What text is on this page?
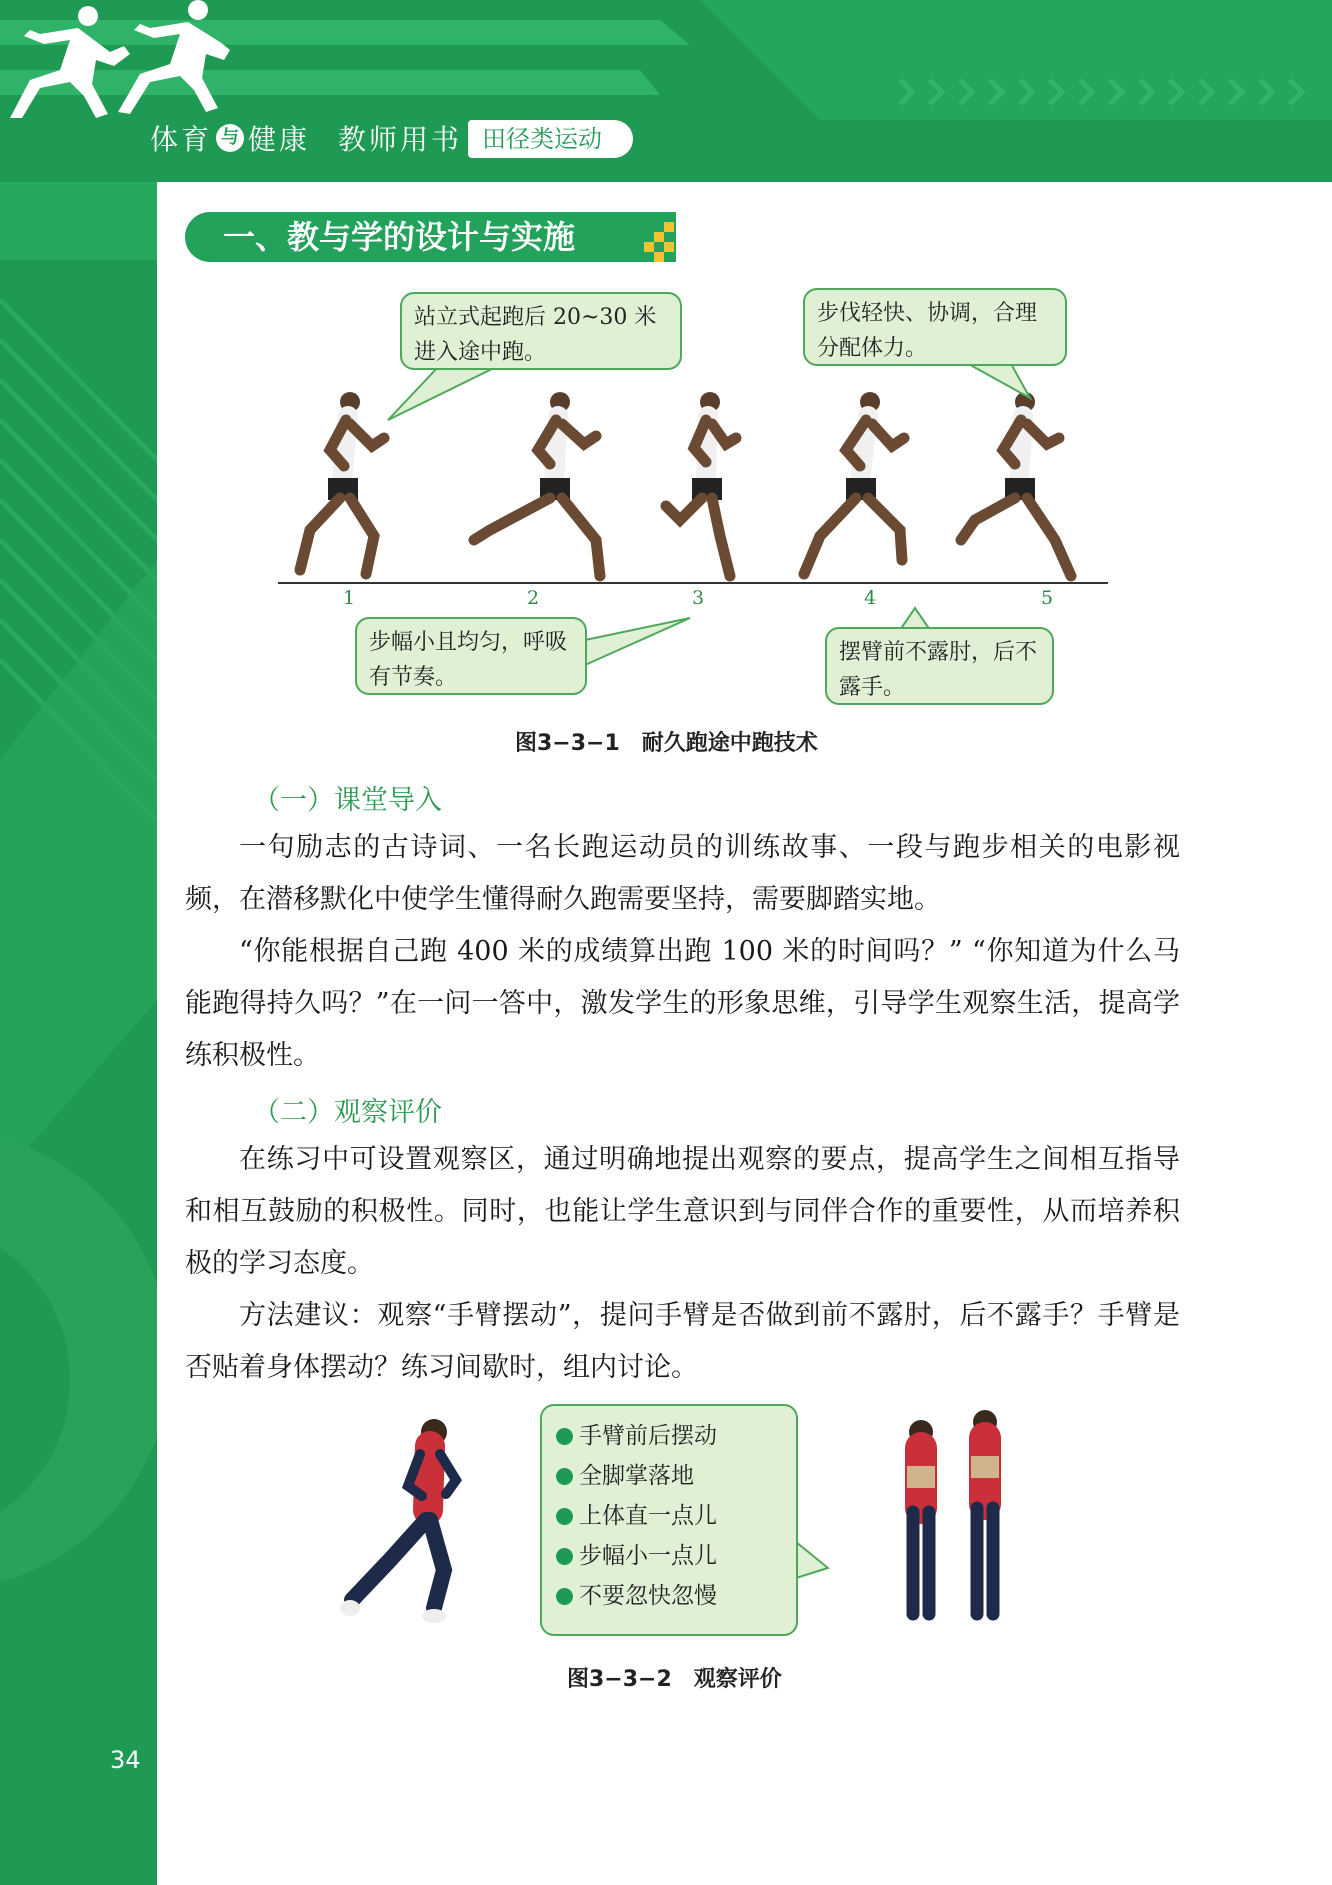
体育 与 健康 教师用书 田径类运动
一、教与学的设计与实施
1	2	3	4	5
站立式起跑后 20~30 米进入途中跑。
步伐轻快、协调，合理分配体力。
步幅小且均匀，呼吸有节奏。
摆臂前不露肘，后不露手。
图3−3−1　耐久跑途中跑技术
（一）课堂导入

一句励志的古诗词、一名长跑运动员的训练故事、一段与跑步相关的电影视频，在潜移默化中使学生懂得耐久跑需要坚持，需要脚踏实地。

“你能根据自己跑 400 米的成绩算出跑 100 米的时间吗？” “你知道为什么马能跑得持久吗？”在一问一答中，激发学生的形象思维，引导学生观察生活，提高学练积极性。

（二）观察评价

在练习中可设置观察区，通过明确地提出观察的要点，提高学生之间相互指导和相互鼓励的积极性。同时，也能让学生意识到与同伴合作的重要性，从而培养积极的学习态度。

方法建议：观察“手臂摆动”，提问手臂是否做到前不露肘，后不露手？手臂是否贴着身体摆动？练习间歇时，组内讨论。

手臂前后摆动
全脚掌落地
上体直一点儿
步幅小一点儿
不要忽快忽慢
图3−3−2　观察评价
34
